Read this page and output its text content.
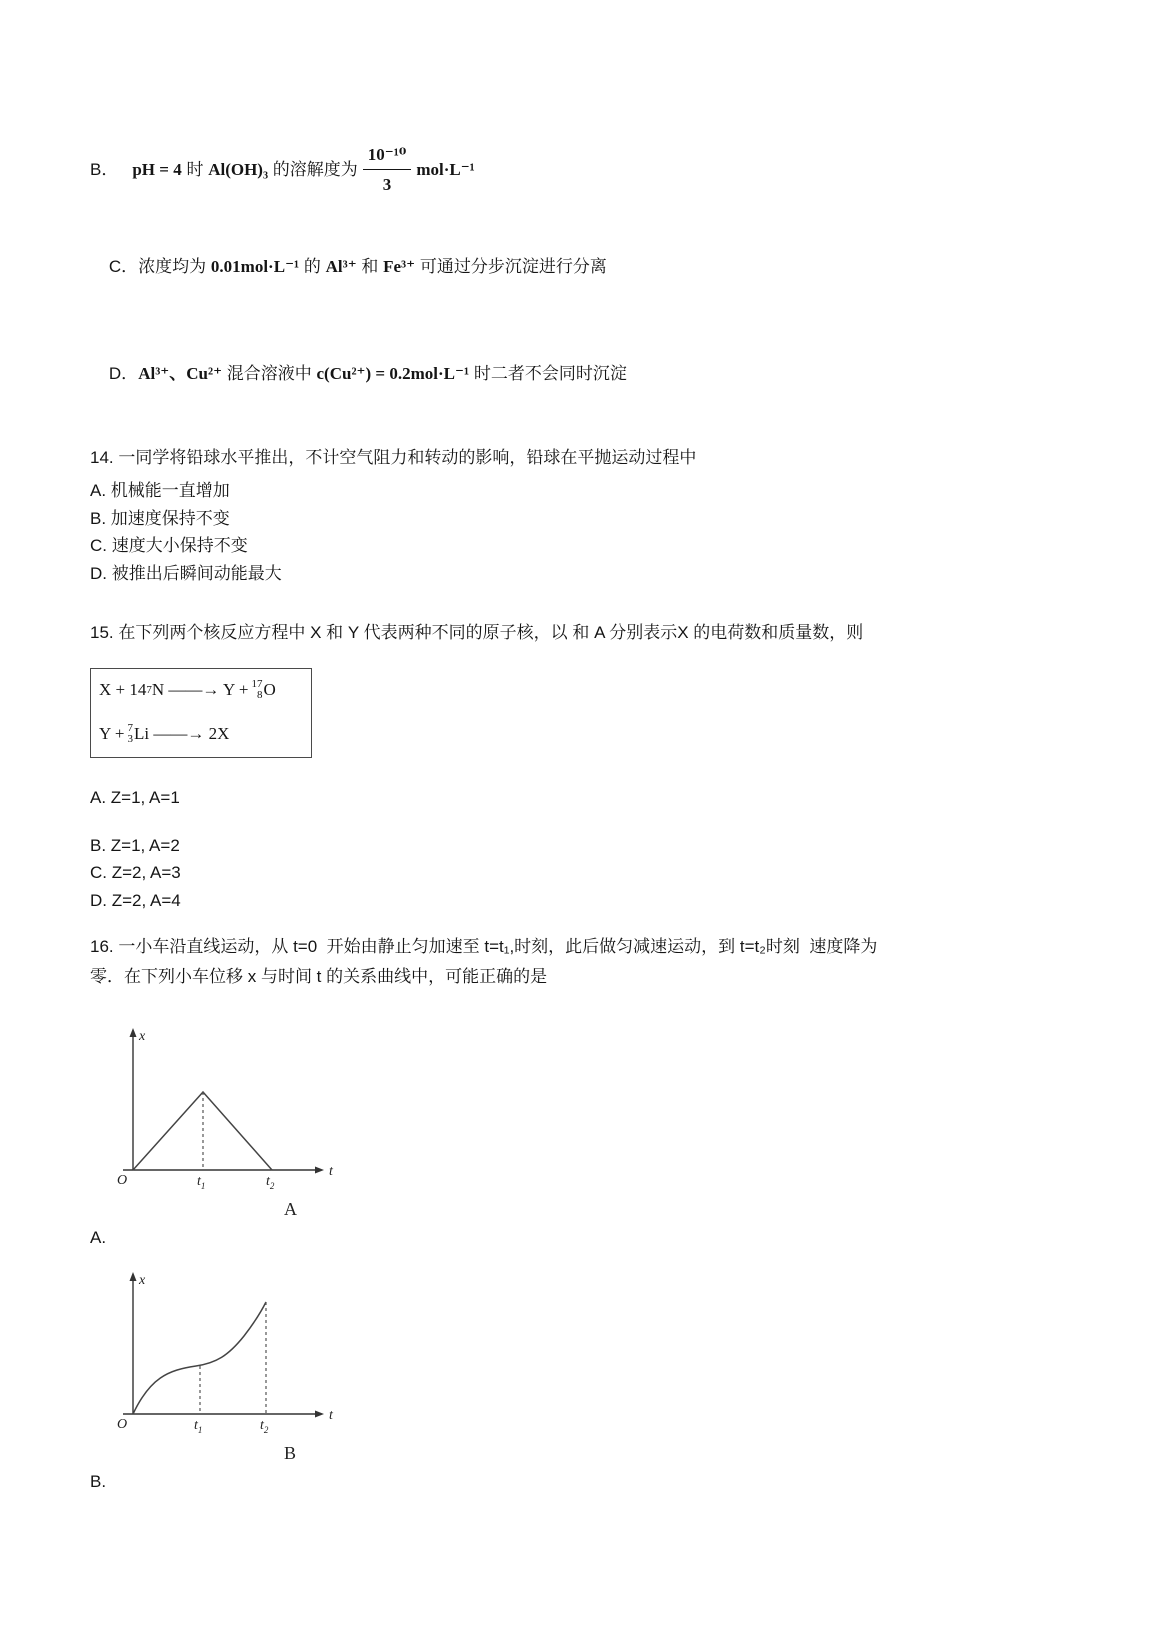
B． pH = 4 时 Al(OH)₃ 的溶解度为 $\frac{\text{10⁻¹⁰}}{3} mol\cdot L^{-1}$

C．浓度均为 0.01mol·L⁻¹ 的 Al³⁺ 和 Fe³⁺ 可通过分步沉淀进行分离

D．Al³⁺、Cu²⁺ 混合溶液中 c(Cu²⁺) = 0.2mol·L⁻¹ 时二者不会同时沉淀

14. 一同学将铅球水平推出，不计空气阻力和转动的影响，铅球在平抛运动过程中
A. 机械能一直增加
B. 加速度保持不变
C. 速度大小保持不变
D. 被推出后瞬间动能最大
15. 在下列两个核反应方程中 X 和 Y 代表两种不同的原子核，以 和 A 分别表示X 的电荷数和质量数，则
X + 14 7 N ——→ Y + 17
8 O
Y + 7
3 Li ——→ 2X
A. Z=1, A=1
B. Z=1, A=2
C. Z=2, A=3
D. Z=2, A=4
16. 一小车沿直线运动，从 t=0  开始由静止匀加速至 t=t₁,时刻，此后做匀减速运动，到 t=t₂时刻  速度降为
零．在下列小车位移 x 与时间 t 的关系曲线中，可能正确的是
x
t
O	$t_1$	$t_2$
A
A.
x
t
O	$t_1$	$t_2$
B
B.
